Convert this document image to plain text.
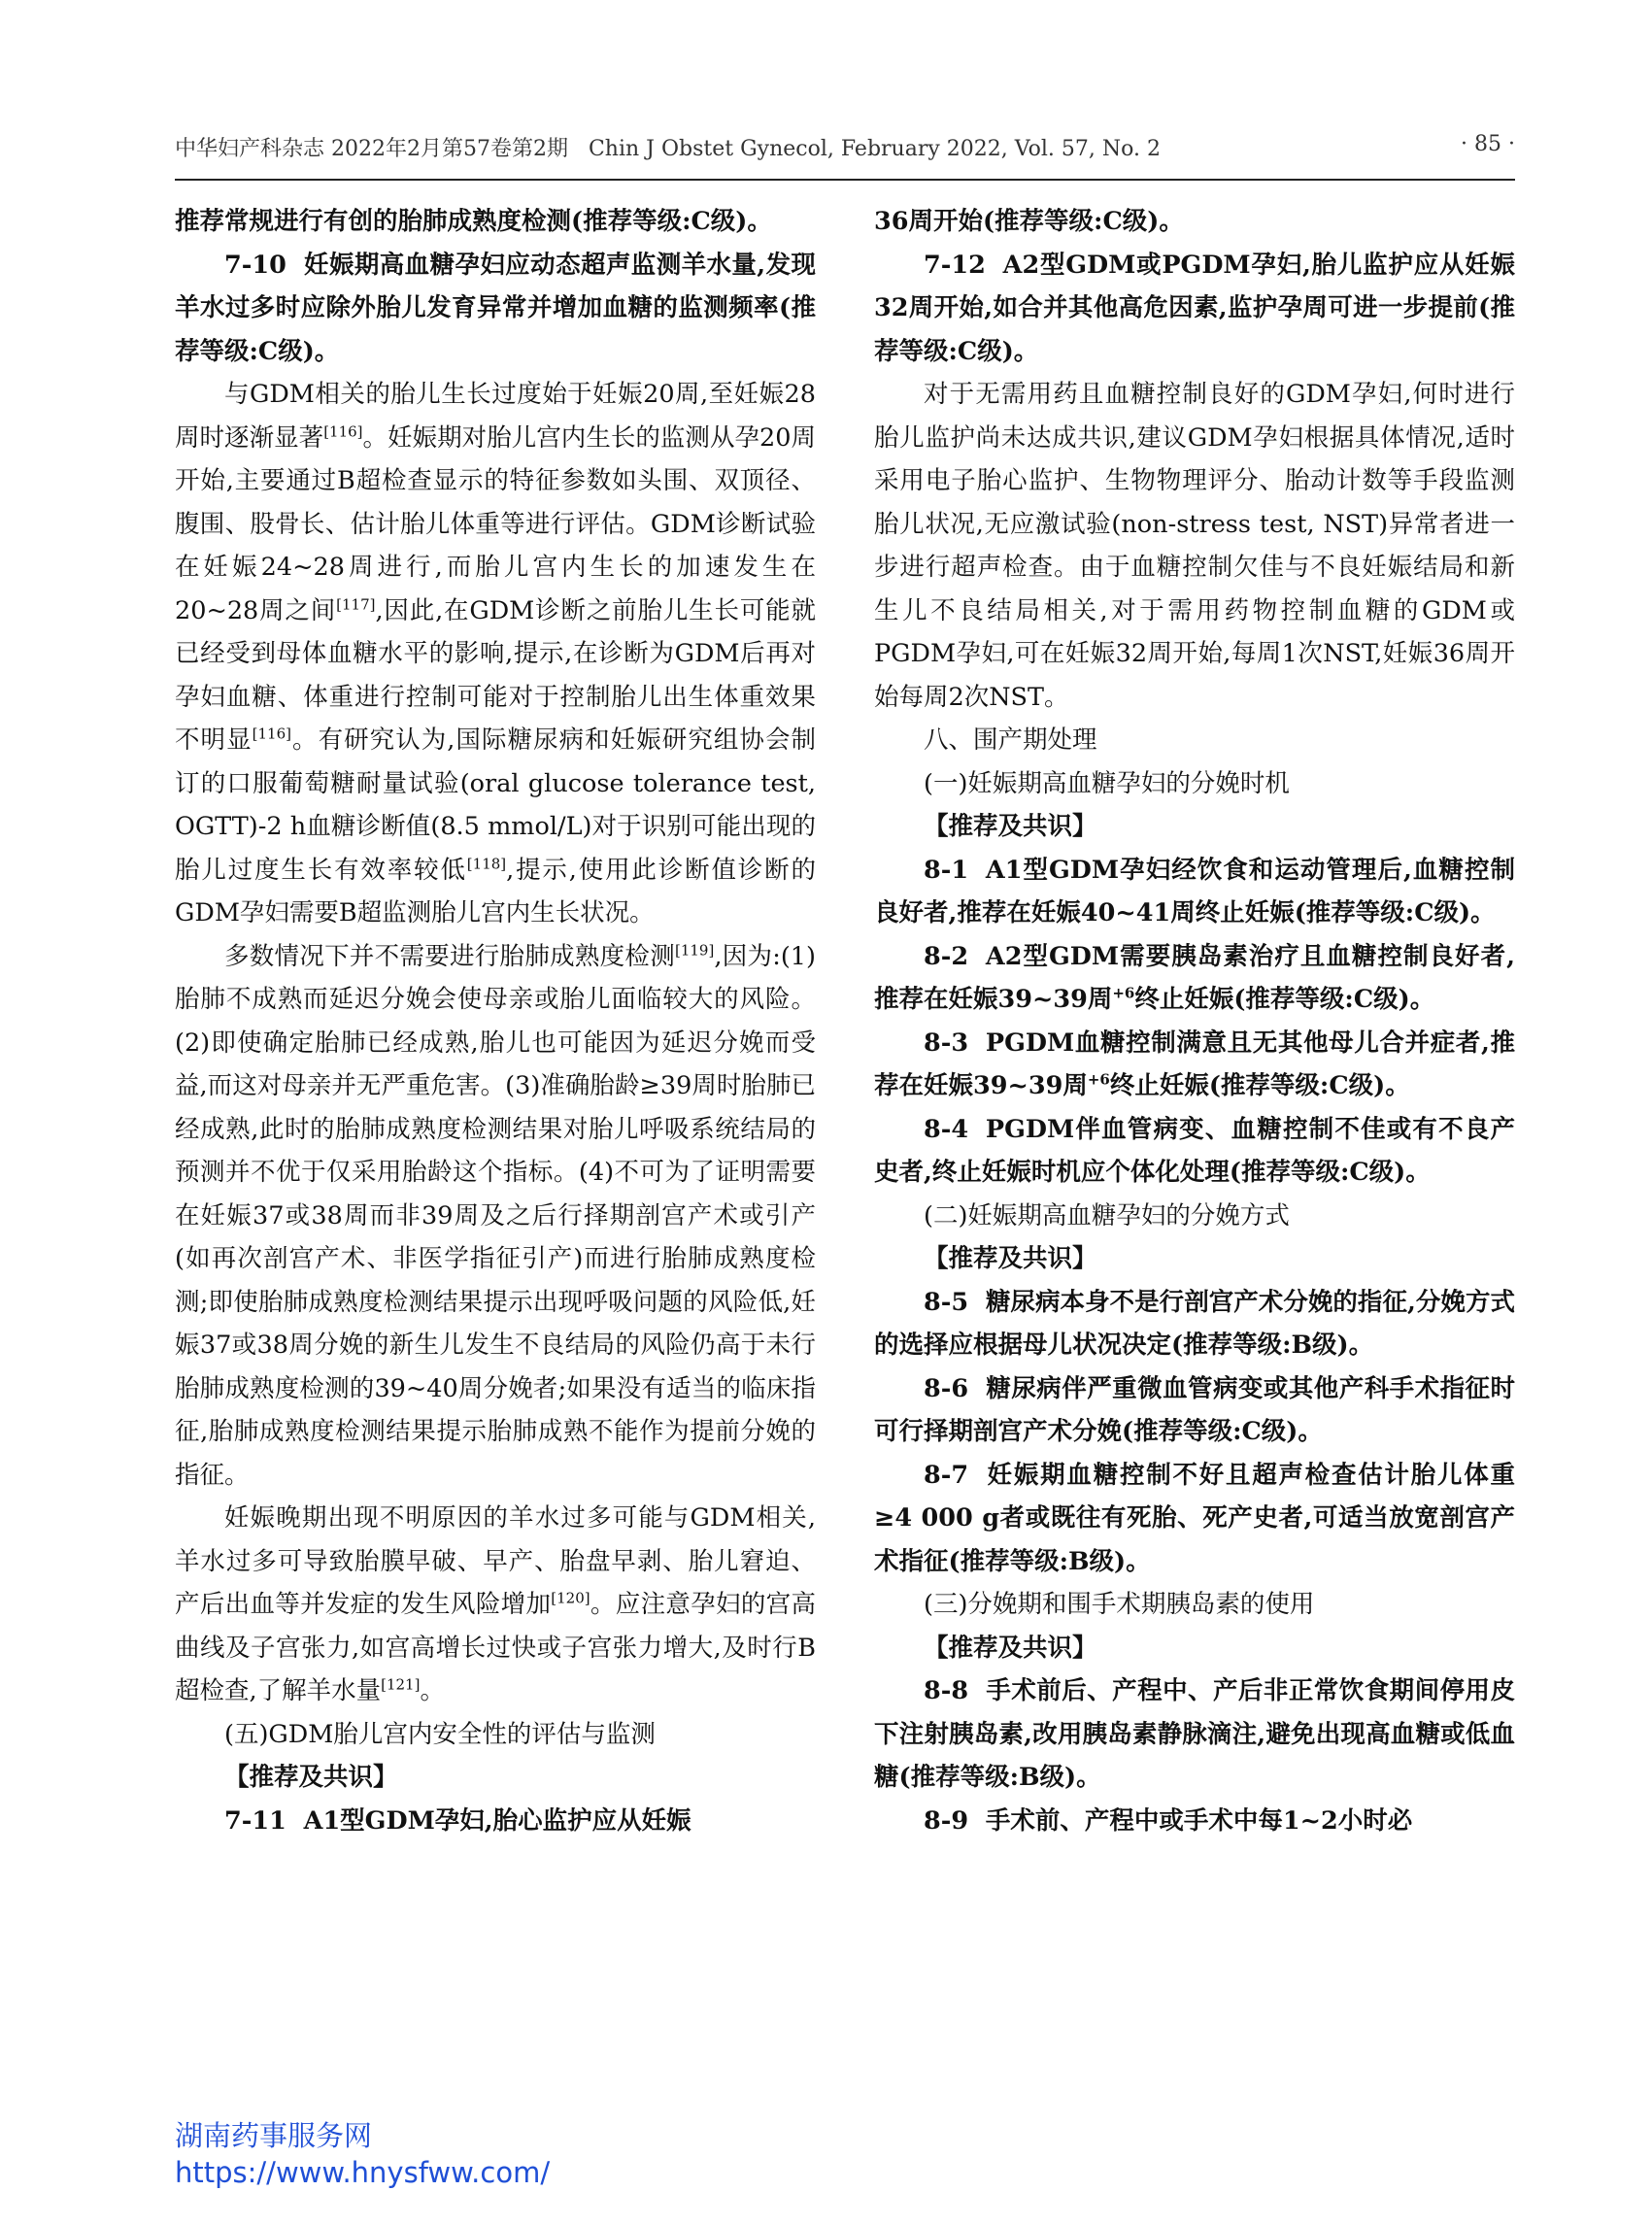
中华妇产科杂志 2022年2月第57卷第2期 Chin J Obstet Gynecol, February 2022, Vol. 57, No. 2	· 85 ·

推荐常规进行有创的胎肺成熟度检测(推荐等级:C级)。

7-10 妊娠期高血糖孕妇应动态超声监测羊水量,发现羊水过多时应除外胎儿发育异常并增加血糖的监测频率(推荐等级:C级)。

与GDM相关的胎儿生长过度始于妊娠20周,至妊娠28周时逐渐显著[116]。妊娠期对胎儿宫内生长的监测从孕20周开始,主要通过B超检查显示的特征参数如头围、双顶径、腹围、股骨长、估计胎儿体重等进行评估。GDM诊断试验在妊娠24~28周进行,而胎儿宫内生长的加速发生在20~28周之间[117],因此,在GDM诊断之前胎儿生长可能就已经受到母体血糖水平的影响,提示,在诊断为GDM后再对孕妇血糖、体重进行控制可能对于控制胎儿出生体重效果不明显[116]。有研究认为,国际糖尿病和妊娠研究组协会制订的口服葡萄糖耐量试验(oral glucose tolerance test, OGTT)-2 h血糖诊断值(8.5 mmol/L)对于识别可能出现的胎儿过度生长有效率较低[118],提示,使用此诊断值诊断的GDM孕妇需要B超监测胎儿宫内生长状况。

多数情况下并不需要进行胎肺成熟度检测[119],因为:(1)胎肺不成熟而延迟分娩会使母亲或胎儿面临较大的风险。(2)即使确定胎肺已经成熟,胎儿也可能因为延迟分娩而受益,而这对母亲并无严重危害。(3)准确胎龄≥39周时胎肺已经成熟,此时的胎肺成熟度检测结果对胎儿呼吸系统结局的预测并不优于仅采用胎龄这个指标。(4)不可为了证明需要在妊娠37或38周而非39周及之后行择期剖宫产术或引产(如再次剖宫产术、非医学指征引产)而进行胎肺成熟度检测;即使胎肺成熟度检测结果提示出现呼吸问题的风险低,妊娠37或38周分娩的新生儿发生不良结局的风险仍高于未行胎肺成熟度检测的39~40周分娩者;如果没有适当的临床指征,胎肺成熟度检测结果提示胎肺成熟不能作为提前分娩的指征。

妊娠晚期出现不明原因的羊水过多可能与GDM相关,羊水过多可导致胎膜早破、早产、胎盘早剥、胎儿窘迫、产后出血等并发症的发生风险增加[120]。应注意孕妇的宫高曲线及子宫张力,如宫高增长过快或子宫张力增大,及时行B超检查,了解羊水量[121]。

(五)GDM胎儿宫内安全性的评估与监测

【推荐及共识】

7-11 A1型GDM孕妇,胎心监护应从妊娠

36周开始(推荐等级:C级)。

7-12 A2型GDM或PGDM孕妇,胎儿监护应从妊娠32周开始,如合并其他高危因素,监护孕周可进一步提前(推荐等级:C级)。

对于无需用药且血糖控制良好的GDM孕妇,何时进行胎儿监护尚未达成共识,建议GDM孕妇根据具体情况,适时采用电子胎心监护、生物物理评分、胎动计数等手段监测胎儿状况,无应激试验(non-stress test, NST)异常者进一步进行超声检查。由于血糖控制欠佳与不良妊娠结局和新生儿不良结局相关,对于需用药物控制血糖的GDM或PGDM孕妇,可在妊娠32周开始,每周1次NST,妊娠36周开始每周2次NST。

八、围产期处理

(一)妊娠期高血糖孕妇的分娩时机

【推荐及共识】

8-1 A1型GDM孕妇经饮食和运动管理后,血糖控制良好者,推荐在妊娠40~41周终止妊娠(推荐等级:C级)。

8-2 A2型GDM需要胰岛素治疗且血糖控制良好者,推荐在妊娠39~39周$^{+6}$终止妊娠(推荐等级:C级)。

8-3 PGDM血糖控制满意且无其他母儿合并症者,推荐在妊娠39~39周$^{+6}$终止妊娠(推荐等级:C级)。

8-4 PGDM伴血管病变、血糖控制不佳或有不良产史者,终止妊娠时机应个体化处理(推荐等级:C级)。

(二)妊娠期高血糖孕妇的分娩方式

【推荐及共识】

8-5 糖尿病本身不是行剖宫产术分娩的指征,分娩方式的选择应根据母儿状况决定(推荐等级:B级)。

8-6 糖尿病伴严重微血管病变或其他产科手术指征时可行择期剖宫产术分娩(推荐等级:C级)。

8-7 妊娠期血糖控制不好且超声检查估计胎儿体重≥4 000 g者或既往有死胎、死产史者,可适当放宽剖宫产术指征(推荐等级:B级)。

(三)分娩期和围手术期胰岛素的使用

【推荐及共识】

8-8 手术前后、产程中、产后非正常饮食期间停用皮下注射胰岛素,改用胰岛素静脉滴注,避免出现高血糖或低血糖(推荐等级:B级)。

8-9 手术前、产程中或手术中每1~2小时必

湖南药事服务网
https://www.hnysfww.com/
